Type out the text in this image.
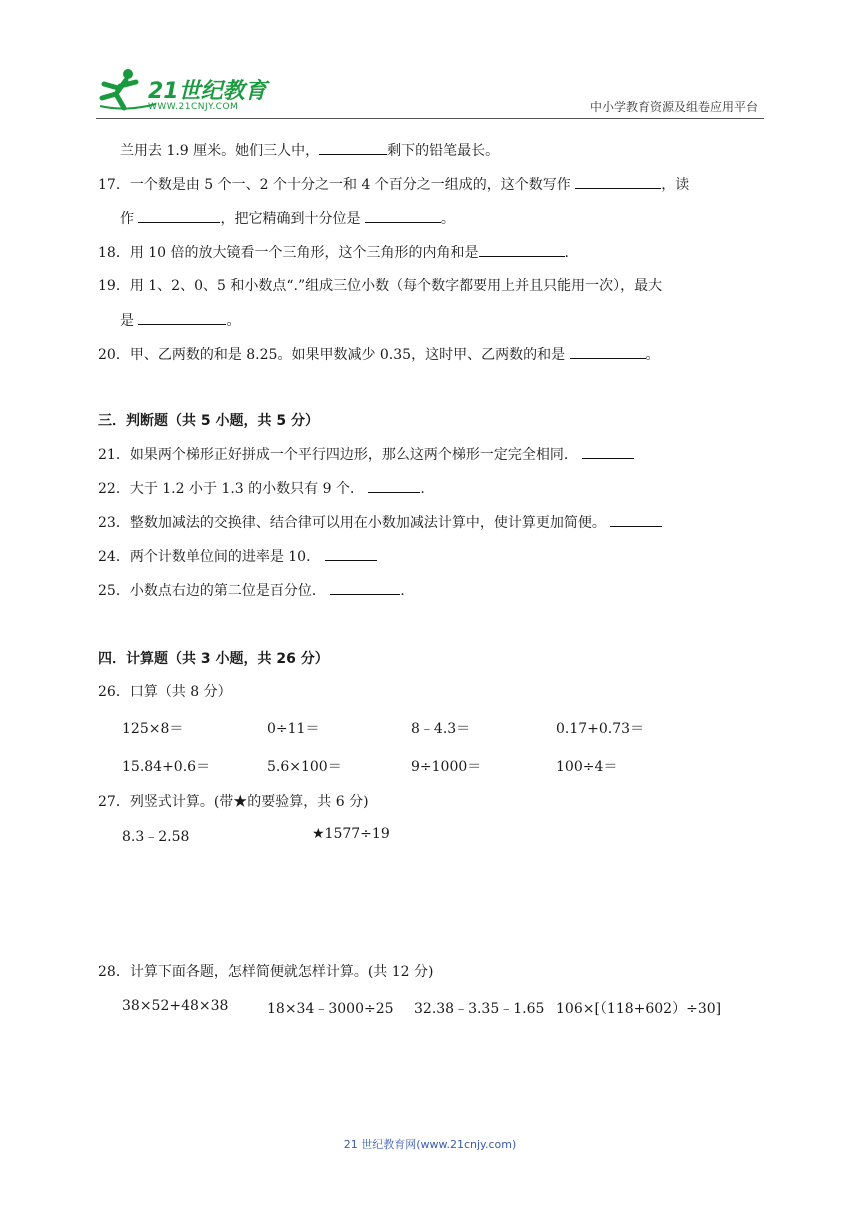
21世纪教育
WWW.21CNJY.COM	中小学教育资源及组卷应用平台
兰用去 1.9 厘米。她们三人中，	剩下的铅笔最长。
17．一个数是由 5 个一、2 个十分之一和 4 个百分之一组成的，这个数写作	，读
作	，把它精确到十分位是	。
18．用 10 倍的放大镜看一个三角形，这个三角形的内角和是	.
19．用 1、2、0、5 和小数点“.”组成三位小数（每个数字都要用上并且只能用一次），最大
是	。
20．甲、乙两数的和是 8.25。如果甲数减少 0.35，这时甲、乙两数的和是	。
三．判断题（共 5 小题，共 5 分）
21．如果两个梯形正好拼成一个平行四边形，那么这两个梯形一定完全相同．
22．大于 1.2 小于 1.3 的小数只有 9 个．	.
23．整数加减法的交换律、结合律可以用在小数加减法计算中，使计算更加简便。
24．两个计数单位间的进率是 10．
25．小数点右边的第二位是百分位．	.
四．计算题（共 3 小题，共 26 分）
26．口算（共 8 分）
125×8＝	0÷11＝	8﹣4.3＝	0.17+0.73＝
15.84+0.6＝	5.6×100＝	9÷1000＝	100÷4＝
27．列竖式计算。(带★的要验算，共 6 分)
8.3﹣2.58	★1577÷19
28．计算下面各题，怎样简便就怎样计算。(共 12 分)
38×52+48×38	18×34﹣3000÷25 32.38﹣3.35﹣1.65 106×[（118+602）÷30]
21 世纪教育网(www.21cnjy.com)
